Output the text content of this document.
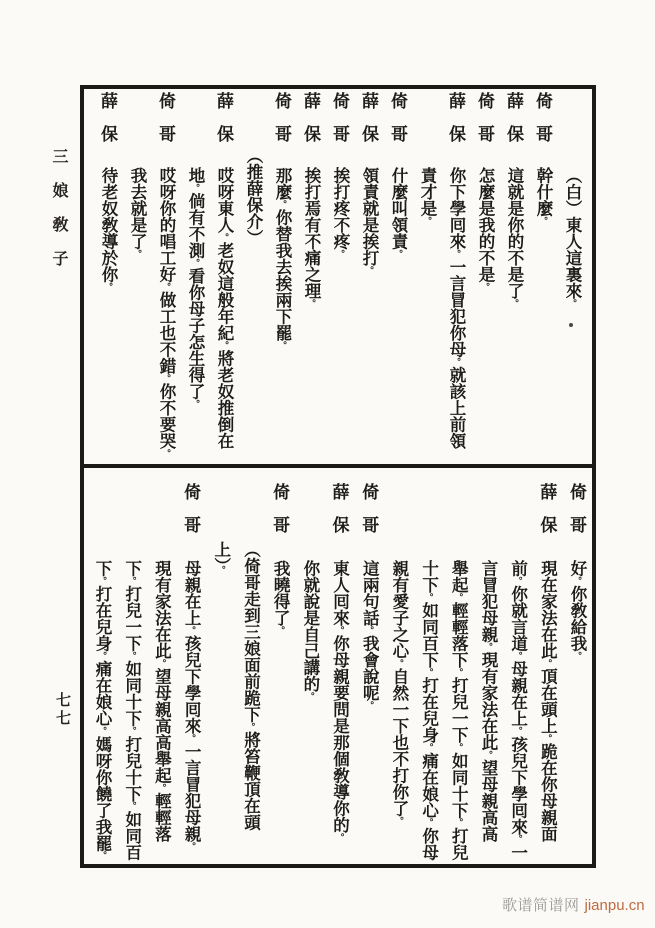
三娘敎子
七七
（白）東人這裏來。
倚哥
幹什麼。
薛保
這就是你的不是了。
倚哥
怎麼是我的不是。
薛保
你下學囘來。一言冒犯你母。就該上前領
責才是。
倚哥
什麼叫領責。
薛保
領責就是挨打。
倚哥
挨打疼不疼。
薛保
挨打焉有不痛之理。
倚哥
那麼。你替我去挨兩下罷。
（推薛保介）
薛保
哎呀東人。老奴這般年紀。將老奴推倒在
地。倘有不測。看你母子怎生得了。
倚哥
哎呀你的唱工好。做工也不錯。你不要哭。
我去就是了。
薛保
待老奴敎導於你。
倚哥
好。你敎給我。
薛保
現在家法在此。頂在頭上。跪在你母親面
前。你就言道。母親在上。孩兒下學囘來。一
言冒犯母親。現有家法在此。望母親高高
舉起。輕輕落下。打兒一下。如同十下。打兒
十下。如同百下。打在兒身。痛在娘心。你母
親有愛子之心。自然一下也不打你了。
倚哥
這兩句話。我會說呢。
薛保
東人囘來。你母親要問是那個敎導你的。
你就說是自己講的。
倚哥
我曉得了。
（倚哥走到三娘面前跪下。將笞鞭頂在頭
上）。
倚哥
母親在上。孩兒下學囘來。一言冒犯母親。
現有家法在此。望母親高高舉起。輕輕落
下。打兒一下。如同十下。打兒十下。如同百
下。打在兒身。痛在娘心。媽呀你饒了我罷。
歌谱简谱网 jianpu.cn
